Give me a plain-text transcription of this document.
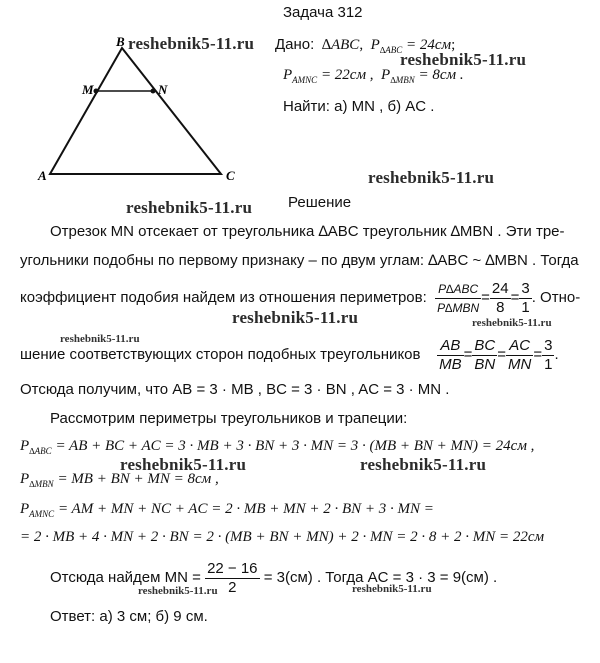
Задача 312
B
M	N
A	C
reshebnik5-11.ru
reshebnik5-11.ru
reshebnik5-11.ru
reshebnik5-11.ru
reshebnik5-11.ru
reshebnik5-11.ru
reshebnik5-11.ru
reshebnik5-11.ru	reshebnik5-11.ru
reshebnik5-11.ru	reshebnik5-11.ru
Дано:  ∆ABC,  $P_{\Delta ABC} = 24см$;
$P_{AMNC} = 22см$ , $P_{\Delta MBN} = 8см$ .
Найти: а) MN , б) AC .
Решение
Отрезок MN отсекает от треугольника ∆ABC треугольник ∆MBN . Эти тре-
угольники подобны по первому признаку – по двум углам: ∆ABC ~ ∆MBN . Тогда
коэффициент подобия найдем из отношения периметров:
$\frac{\text{P∆ABC}}{\text{P∆MBN}} = \frac{24}{8} = \frac{3}{1}$ . Отно-
шение соответствующих сторон подобных треугольников
$\frac{AB}{MB} = \frac{BC}{BN} = \frac{AC}{MN} = \frac{3}{1}$ .
Отсюда получим, что AB = 3 · MB , BC = 3 · BN , AC = 3 · MN .
Рассмотрим периметры треугольников и трапеции:
$P_{\Delta ABC}$ = AB + BC + AC = 3 · MB + 3 · BN + 3 · MN = 3 · (MB + BN + MN) = 24см ,
$P_{\Delta MBN}$ = MB + BN + MN = 8см ,
$P_{AMNC}$ = AM + MN + NC + AC = 2 · MB + MN + 2 · BN + 3 · MN =
= 2 · MB + 4 · MN + 2 · BN = 2 · (MB + BN + MN) + 2 · MN = 2 · 8 + 2 · MN = 22см
Отсюда найдем MN =
$\frac{22 - 16}{2}$
= 3(см) . Тогда AC = 3 · 3 = 9(см) .
Ответ: а) 3 см; б) 9 см.
